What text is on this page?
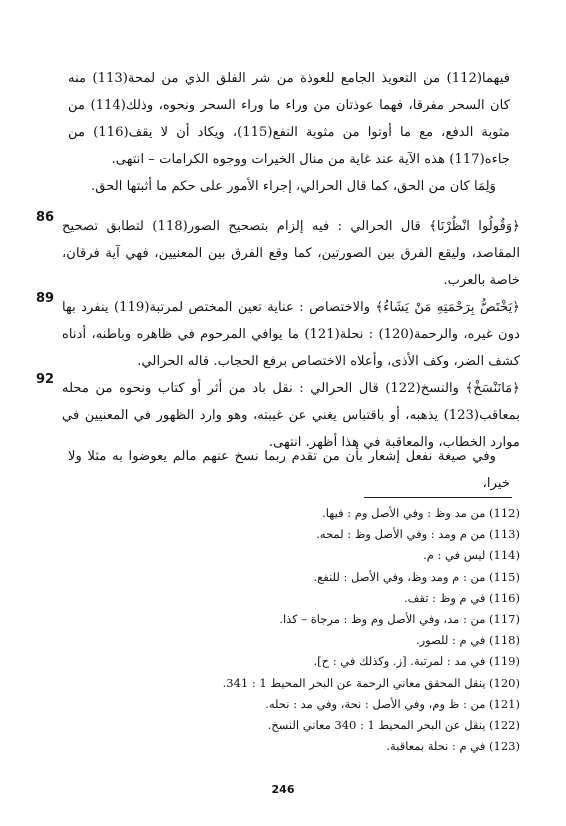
فيهما(112) من التعويذ الجامع للعوذة من شر الفلق الذي من لمحة(113) منه كان السحر مفرقا، فهما عوذتان من وراء ما وراء السحر ونحوه، وذلك(114) من مثوبة الدفع، مع ما أوتوا من مثوبة النفع(115)، ويكاد أن لا يقف(116) من جاءه(117) هذه الآية عند غاية من منال الخيرات ووجوه الكرامات – انتهى.

وَلِمَا كان من الحق، كما قال الحرالي، إجراء الأمور على حكم ما أثبتها الحق.

86

﴿وَقُولُوا انْظُرْنَا﴾ قال الحرالي : فيه إلزام بتصحيح الصور(118) لتطابق تصحيح المقاصد، وليقع الفرق بين الصورتين، كما وقع الفرق بين المعنيين، فهي آية فرقان، خاصة بالعرب.

89

﴿يَخْتَصُّ بِرَحْمَتِهِ مَنْ يَشَاءُ﴾ والاختصاص : عناية تعين المختص لمرتبة(119) ينفرد بها دون غيره، والرحمة(120) : نحلة(121) ما يوافي المرحوم في ظاهره وباطنه، أدناه كشف الضر، وكف الأذى، وأعلاه الاختصاص برفع الحجاب. قاله الحرالي.

92

﴿مَانَنْسَخْ﴾ والنسخ(122) قال الحرالي : نقل باد من أثر أو كتاب ونحوه من محله بمعاقب(123) يذهبه، أو باقتباس يغني عن غيبته، وهو وارد الظهور في المعنيين في موارد الخطاب، والمعاقبة في هذا أظهر. انتهى.

وفي صيغة نفعل إشعار بأن من تقدم ربما نسخ عنهم مالم يعوضوا به مثلا ولا خيرا،

(112) من مد وظ : وفي الأصل وم : فيها.

(113) من م ومد : وفي الأصل وظ : لمحه.

(114) ليس في : م.

(115) من : م ومد وظ، وفي الأصل : للنفع.

(116) في م وظ : تقف.

(117) من : مد، وفي الأصل وم وظ : مرجاة – كذا.

(118) في م : للصور.

(119) في مد : لمرتبة. [ز. وكذلك في : ح].

(120) ينقل المحقق معاني الرحمة عن البحر المحيط 1 : 341.

(121) من : ظ وم، وفي الأصل : نحة، وفي مد : نحله.

(122) ينقل عن البحر المحيط 1 : 340 معاني النسخ.

(123) في م : نحلة بمعاقبة.

246
